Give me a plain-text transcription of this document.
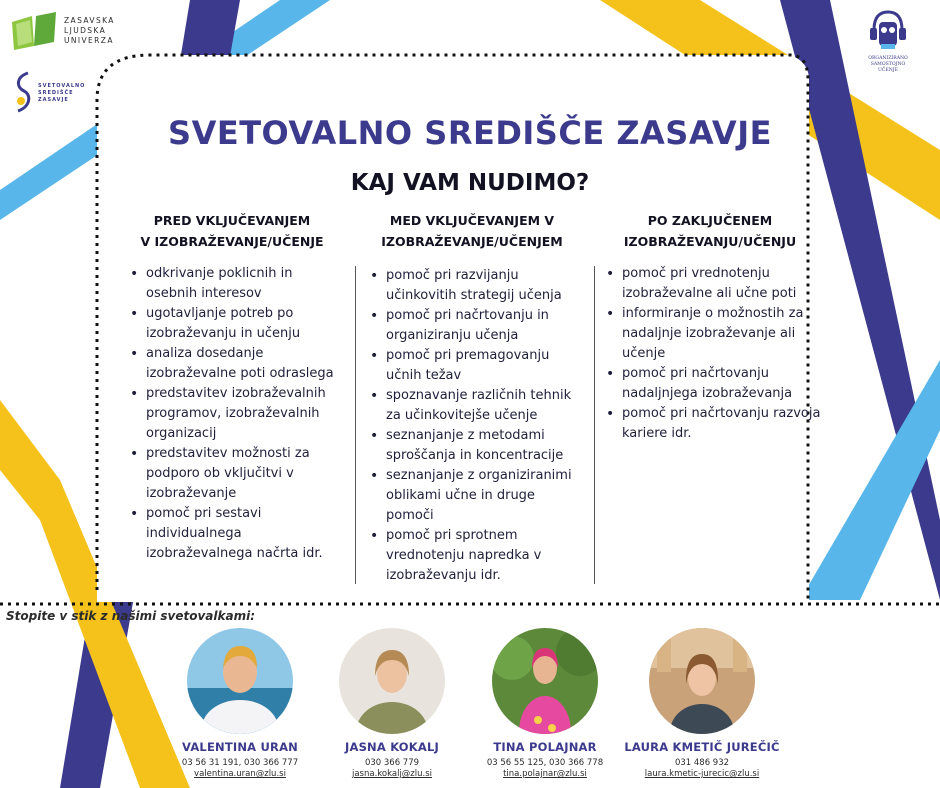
ZASAVSKA
LJUDSKA
UNIVERZA
SVETOVALNO
SREDIŠČE
ZASAVJE
ORGANIZIRANO
SAMOSTOJNO
UČENJE
SVETOVALNO SREDIŠČE ZASAVJE
KAJ VAM NUDIMO?
PRED VKLJUČEVANJEM
V IZOBRAŽEVANJE/UČENJE
• odkrivanje poklicnih in osebnih interesov
• ugotavljanje potreb po izobraževanju in učenju
• analiza dosedanje izobraževalne poti odraslega
• predstavitev izobraževalnih programov, izobraževalnih organizacij
• predstavitev možnosti za podporo ob vključitvi v izobraževanje
• pomoč pri sestavi individualnega izobraževalnega načrta idr.
MED VKLJUČEVANJEM V
IZOBRAŽEVANJE/UČENJEM
• pomoč pri razvijanju učinkovitih strategij učenja
• pomoč pri načrtovanju in organiziranju učenja
• pomoč pri premagovanju učnih težav
• spoznavanje različnih tehnik za učinkovitejše učenje
• seznanjanje z metodami sproščanja in koncentracije
• seznanjanje z organiziranimi oblikami učne in druge pomoči
• pomoč pri sprotnem vrednotenju napredka v izobraževanju idr.
PO ZAKLJUČENEM
IZOBRAŽEVANJU/UČENJU
• pomoč pri vrednotenju izobraževalne ali učne poti
• informiranje o možnostih za nadaljnje izobraževanje ali učenje
• pomoč pri načrtovanju nadaljnjega izobraževanja
• pomoč pri načrtovanju razvoja kariere idr.
Stopite v stik z našimi svetovalkami:
VALENTINA URAN
03 56 31 191, 030 366 777
valentina.uran@zlu.si
JASNA KOKALJ
030 366 779
jasna.kokalj@zlu.si
TINA POLAJNAR
03 56 55 125, 030 366 778
tina.polajnar@zlu.si
LAURA KMETIČ JUREČIČ
031 486 932
laura.kmetic-jurecic@zlu.si
